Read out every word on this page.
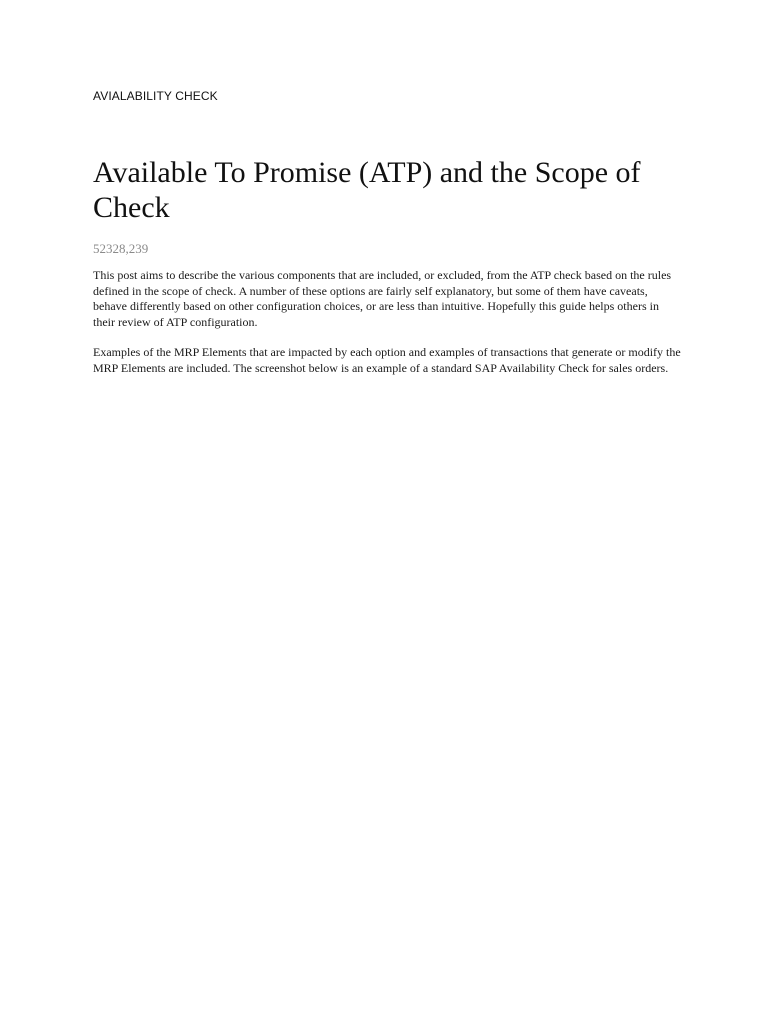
AVIALABILITY CHECK

Available To Promise (ATP) and the Scope of Check

52328,239

This post aims to describe the various components that are included, or excluded, from the ATP check based on the rules defined in the scope of check. A number of these options are fairly self explanatory, but some of them have caveats, behave differently based on other configuration choices, or are less than intuitive. Hopefully this guide helps others in their review of ATP configuration.

Examples of the MRP Elements that are impacted by each option and examples of transactions that generate or modify the MRP Elements are included. The screenshot below is an example of a standard SAP Availability Check for sales orders.
